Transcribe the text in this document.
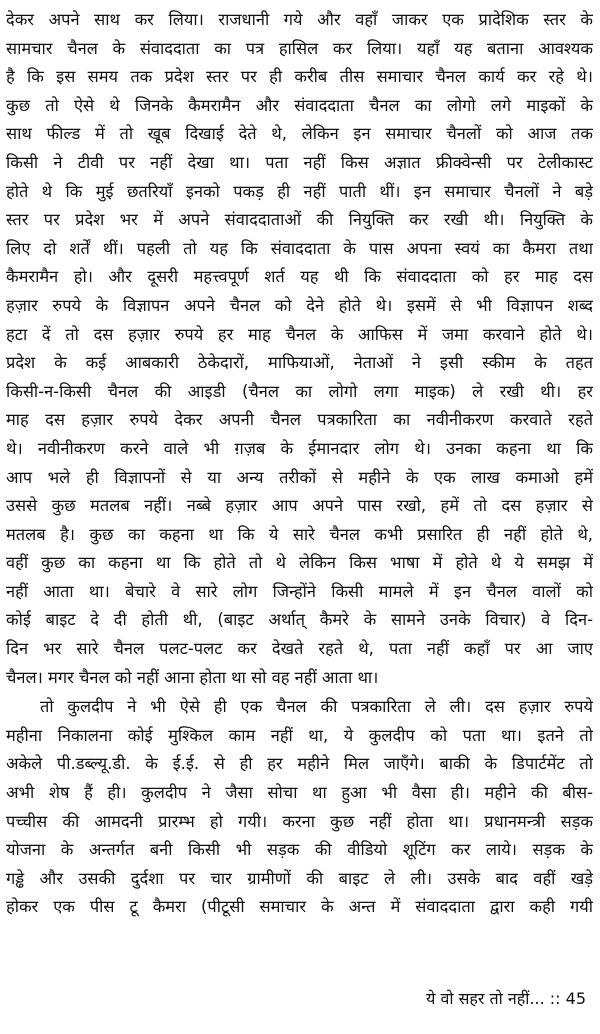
देकर अपने साथ कर लिया। राजधानी गये और वहाँ जाकर एक प्रादेशिक स्तर के
सामचार चैनल के संवाददाता का पत्र हासिल कर लिया। यहाँ यह बताना आवश्यक
है कि इस समय तक प्रदेश स्तर पर ही करीब तीस समाचार चैनल कार्य कर रहे थे।
कुछ तो ऐसे थे जिनके कैमरामैन और संवाददाता चैनल का लोगो लगे माइकों के
साथ फील्ड में तो खूब दिखाई देते थे, लेकिन इन समाचार चैनलों को आज तक
किसी ने टीवी पर नहीं देखा था। पता नहीं किस अज्ञात फ्रीक्वेन्सी पर टेलीकास्ट
होते थे कि मुई छतरियाँ इनको पकड़ ही नहीं पाती थीं। इन समाचार चैनलों ने बड़े
स्तर पर प्रदेश भर में अपने संवाददाताओं की नियुक्ति कर रखी थी। नियुक्ति के
लिए दो शर्तें थीं। पहली तो यह कि संवाददाता के पास अपना स्वयं का कैमरा तथा
कैमरामैन हो। और दूसरी महत्त्वपूर्ण शर्त यह थी कि संवाददाता को हर माह दस
हज़ार रुपये के विज्ञापन अपने चैनल को देने होते थे। इसमें से भी विज्ञापन शब्द
हटा दें तो दस हज़ार रुपये हर माह चैनल के आफिस में जमा करवाने होते थे।
प्रदेश के कई आबकारी ठेकेदारों, माफियाओं, नेताओं ने इसी स्कीम के तहत
किसी-न-किसी चैनल की आइडी (चैनल का लोगो लगा माइक) ले रखी थी। हर
माह दस हज़ार रुपये देकर अपनी चैनल पत्रकारिता का नवीनीकरण करवाते रहते
थे। नवीनीकरण करने वाले भी ग़ज़ब के ईमानदार लोग थे। उनका कहना था कि
आप भले ही विज्ञापनों से या अन्य तरीकों से महीने के एक लाख कमाओ हमें
उससे कुछ मतलब नहीं। नब्बे हज़ार आप अपने पास रखो, हमें तो दस हज़ार से
मतलब है। कुछ का कहना था कि ये सारे चैनल कभी प्रसारित ही नहीं होते थे,
वहीं कुछ का कहना था कि होते तो थे लेकिन किस भाषा में होते थे ये समझ में
नहीं आता था। बेचारे वे सारे लोग जिन्होंने किसी मामले में इन चैनल वालों को
कोई बाइट दे दी होती थी, (बाइट अर्थात् कैमरे के सामने उनके विचार) वे दिन-
दिन भर सारे चैनल पलट-पलट कर देखते रहते थे, पता नहीं कहाँ पर आ जाए
चैनल। मगर चैनल को नहीं आना होता था सो वह नहीं आता था।

तो कुलदीप ने भी ऐसे ही एक चैनल की पत्रकारिता ले ली। दस हज़ार रुपये
महीना निकालना कोई मुश्किल काम नहीं था, ये कुलदीप को पता था। इतने तो
अकेले पी.डब्ल्यू.डी. के ई.ई. से ही हर महीने मिल जाएँगे। बाकी के डिपार्टमेंट तो
अभी शेष हैं ही। कुलदीप ने जैसा सोचा था हुआ भी वैसा ही। महीने की बीस-
पच्चीस की आमदनी प्रारम्भ हो गयी। करना कुछ नहीं होता था। प्रधानमन्त्री सड़क
योजना के अन्तर्गत बनी किसी भी सड़क की वीडियो शूटिंग कर लाये। सड़क के
गड्ढे और उसकी दुर्दशा पर चार ग्रामीणों की बाइट ले ली। उसके बाद वहीं खड़े
होकर एक पीस टू कैमरा (पीटूसी समाचार के अन्त में संवाददाता द्वारा कही गयी

ये वो सहर तो नहीं... :: 45
